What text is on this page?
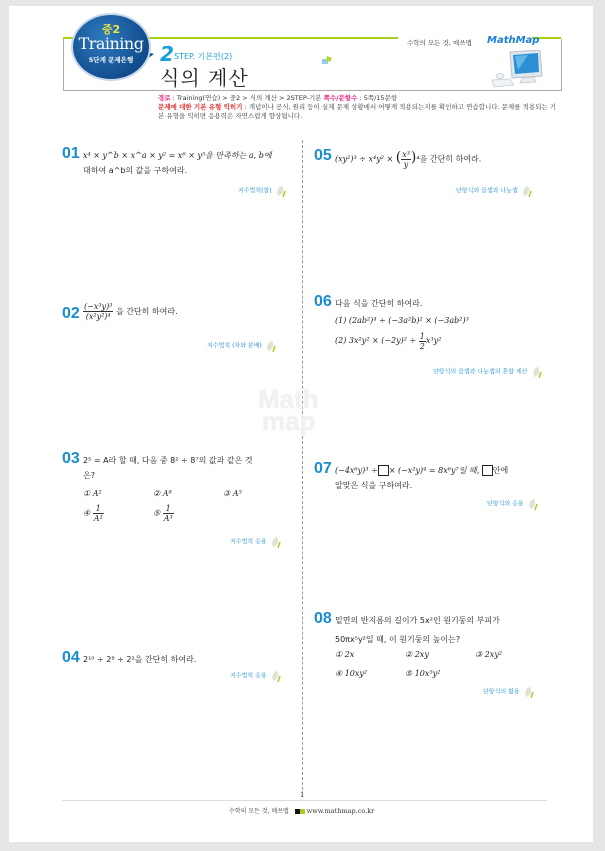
중2
Training
5단계 문제은행	2 STEP. 기본편(2)
식의 계산
수학의 모든 것, 매쓰맵 MathMap
경로 : Training(연습) > 중2 > 식의 계산 > 2STEP-기본 쪽수/문항수 : 5쪽/15문항
문제에 대한 기본 유형 익히기 : 개념이나 공식, 원리 등이 실제 문제 상황에서 어떻게 적용되는지를 확인하고 연습합니다. 문제를 적용되는 기본 유형을 익히면 응용력은 자연스럽게 향상됩니다.
Math
map
01 x⁴ × y^b × x^a × y² = x⁶ × y⁵을 만족하는 a, b에
대하여 a^b의 값을 구하여라.
지수법칙(합)
$02 \frac{\text{(−x³y)³}}{\text{(x²y²)⁴}}$ 을 간단히 하여라.
지수법칙 (차와 분배)
03 2⁵ = A라 할 때, 다음 중 8² ÷ 8⁷의 값과 같은 것
은?
① A²	② A⁸	③ A⁵
④ $\frac{1}{\text{A²}}$	⑤ $\frac{1}{\text{A³}}$
지수법칙 응용
04 2¹⁰ ÷ 2⁸ ÷ 2²을 간단히 하여라.
지수법칙 응용
05 (xy²)³ ÷ x⁴y² × ( $\frac{\text{x³}}{y} )^4$을 간단히 하여라.
단항식의 곱셈과 나눗셈
06 다음 식을 간단히 하여라.
(1) (2ab²)⁴ ÷ (−3a²b)² × (−3ab²)³
(2) $3x^2y^2 \times (-2y)^2 \div \frac{1}{2} x^3y^2$
단항식의 곱셈과 나눗셈의 혼합 계산
07 (−4x⁶y)³ ÷ × (−x²y)⁴ = 8x⁶y⁷일 때, 안에
알맞은 식을 구하여라.
단항식의 응용
08 밑면의 반지름의 길이가 5x²인 원기둥의 부피가
50πx⁵y²일 때, 이 원기둥의 높이는?
① 2x	② 2xy	③ 2xy²
④ 10xy²	⑤ 10x⁵y²
단항식의 활용
1
수학의 모든 것, 매쓰맵	www.mathmap.co.kr
